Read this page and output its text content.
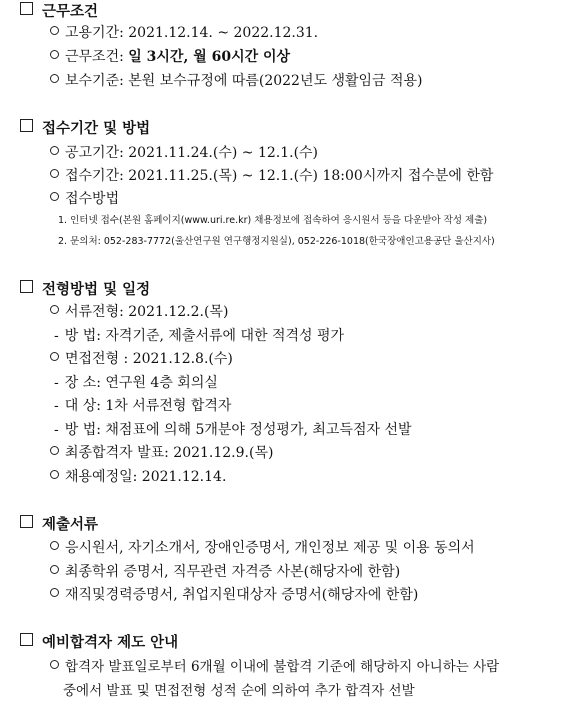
근무조건
고용기간: 2021.12.14. ~ 2022.12.31.
근무조건: 일 3시간, 월 60시간 이상
보수기준: 본원 보수규정에 따름(2022년도 생활임금 적용)
접수기간 및 방법
공고기간: 2021.11.24.(수) ~ 12.1.(수)
접수기간: 2021.11.25.(목) ~ 12.1.(수) 18:00시까지 접수분에 한함
접수방법
1. 인터넷 접수(본원 홈페이지(www.uri.re.kr) 채용정보에 접속하여 응시원서 등을 다운받아 작성 제출)
2. 문의처: 052-283-7772(울산연구원 연구행정지원실), 052-226-1018(한국장애인고용공단 울산지사)
전형방법 및 일정
서류전형: 2021.12.2.(목)
- 방 법: 자격기준, 제출서류에 대한 적격성 평가
면접전형 : 2021.12.8.(수)
- 장 소: 연구원 4층 회의실
- 대 상: 1차 서류전형 합격자
- 방 법: 채점표에 의해 5개분야 정성평가, 최고득점자 선발
최종합격자 발표: 2021.12.9.(목)
채용예정일: 2021.12.14.
제출서류
응시원서, 자기소개서, 장애인증명서, 개인정보 제공 및 이용 동의서
최종학위 증명서, 직무관련 자격증 사본(해당자에 한함)
재직및경력증명서, 취업지원대상자 증명서(해당자에 한함)
예비합격자 제도 안내
합격자 발표일로부터 6개월 이내에 불합격 기준에 해당하지 아니하는 사람
중에서 발표 및 면접전형 성적 순에 의하여 추가 합격자 선발
